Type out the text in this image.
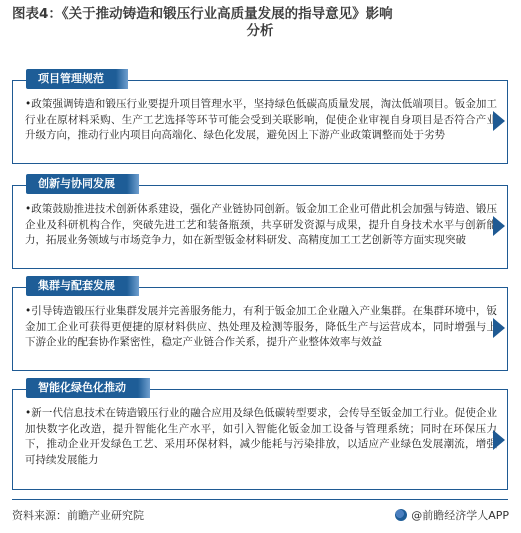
图表4：《关于推动铸造和锻压行业高质量发展的指导意见》影响
分析
项目管理规范
•政策强调铸造和锻压行业要提升项目管理水平，坚持绿色低碳高质量发展，淘汰低端项目。钣金加工行业在原材料采购、生产工艺选择等环节可能会受到关联影响，促使企业审视自身项目是否符合产业升级方向，推动行业内项目向高端化、绿色化发展，避免因上下游产业政策调整而处于劣势
创新与协同发展
•政策鼓励推进技术创新体系建设，强化产业链协同创新。钣金加工企业可借此机会加强与铸造、锻压企业及科研机构合作，突破先进工艺和装备瓶颈，共享研发资源与成果，提升自身技术水平与创新能力，拓展业务领域与市场竞争力，如在新型钣金材料研发、高精度加工工艺创新等方面实现突破
集群与配套发展
•引导铸造锻压行业集群发展并完善服务能力，有利于钣金加工企业融入产业集群。在集群环境中，钣金加工企业可获得更便捷的原材料供应、热处理及检测等服务，降低生产与运营成本，同时增强与上下游企业的配套协作紧密性，稳定产业链合作关系，提升产业整体效率与效益
智能化绿色化推动
•新一代信息技术在铸造锻压行业的融合应用及绿色低碳转型要求，会传导至钣金加工行业。促使企业加快数字化改造，提升智能化生产水平，如引入智能化钣金加工设备与管理系统；同时在环保压力下，推动企业开发绿色工艺、采用环保材料，减少能耗与污染排放，以适应产业绿色发展潮流，增强可持续发展能力
资料来源：前瞻产业研究院	@前瞻经济学人APP
